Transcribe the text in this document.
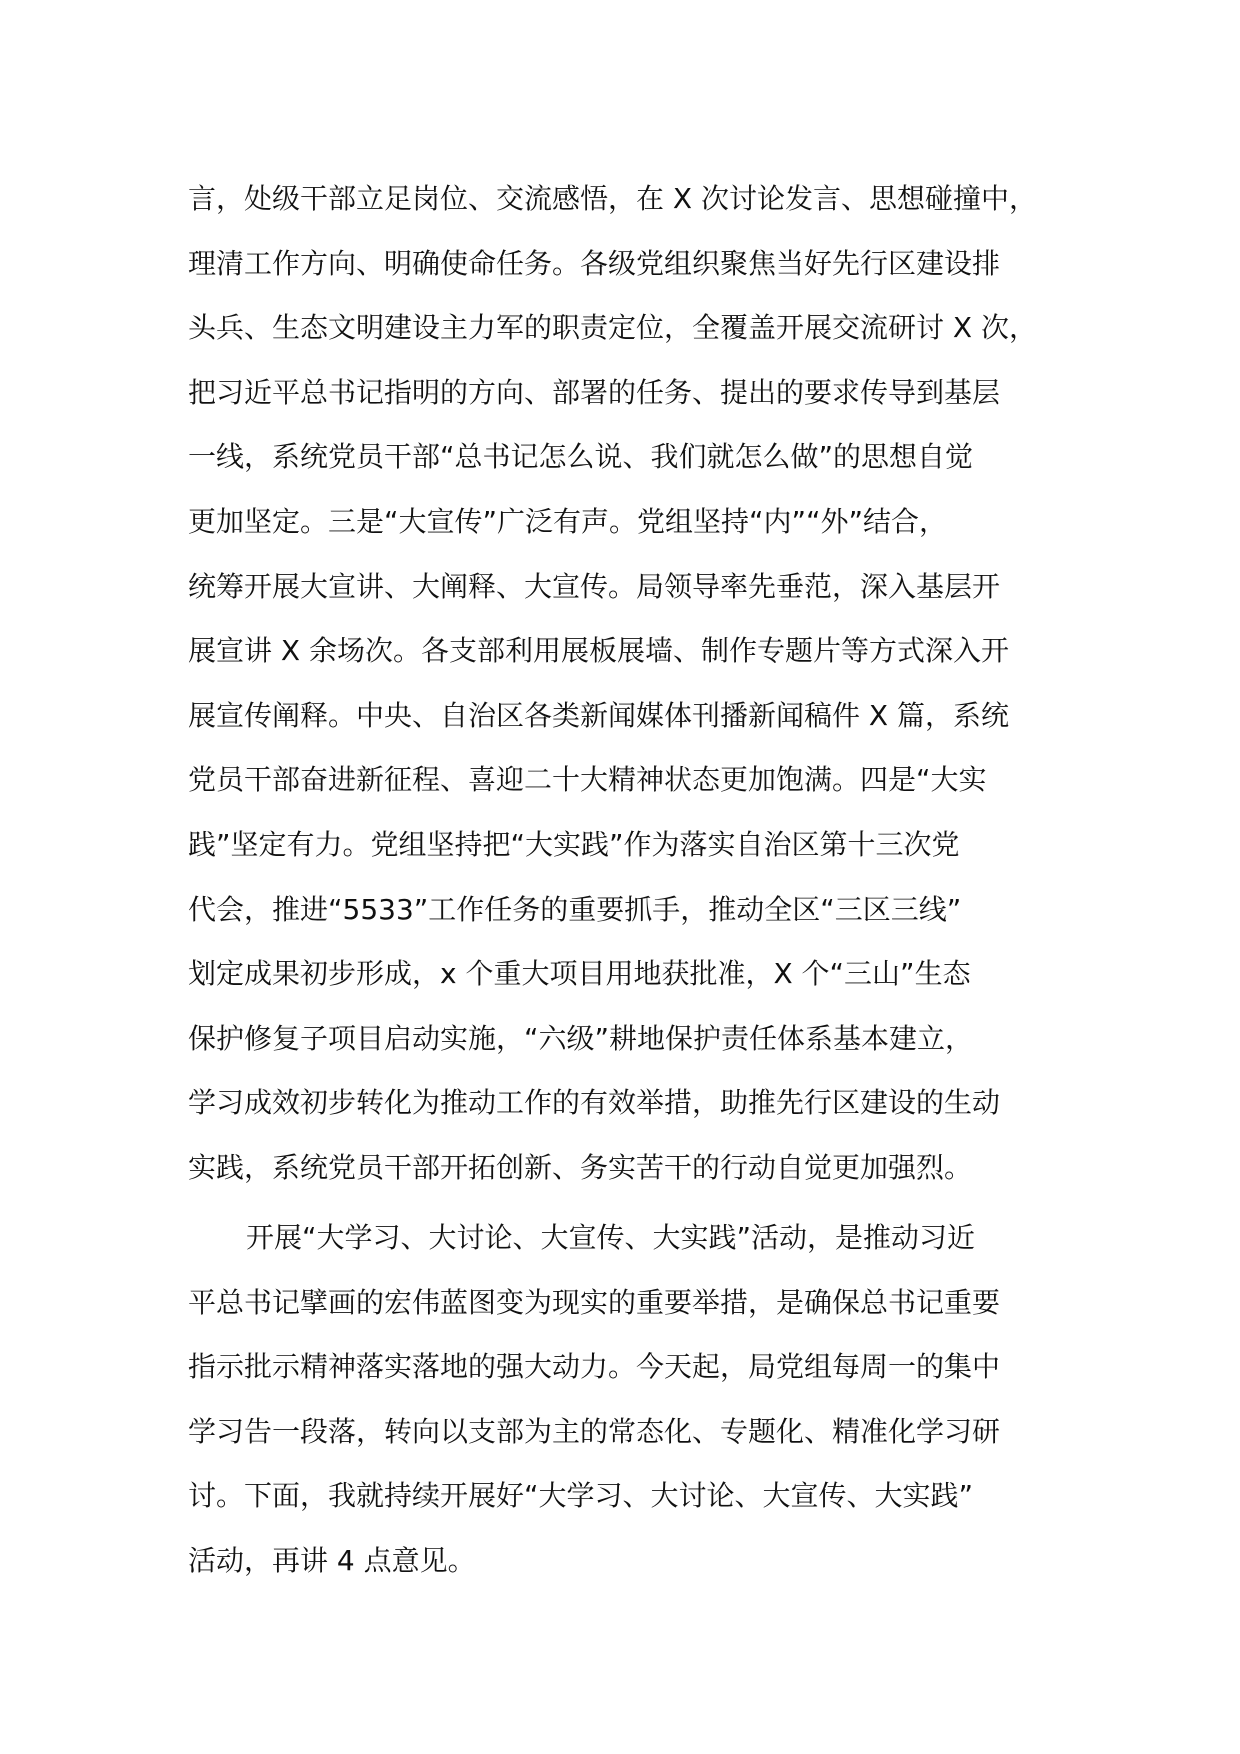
言，处级干部立足岗位、交流感悟，在 X 次讨论发言、思想碰撞中，
理清工作方向、明确使命任务。各级党组织聚焦当好先行区建设排
头兵、生态文明建设主力军的职责定位，全覆盖开展交流研讨 X 次，
把习近平总书记指明的方向、部署的任务、提出的要求传导到基层
一线，系统党员干部“总书记怎么说、我们就怎么做”的思想自觉
更加坚定。三是“大宣传”广泛有声。党组坚持“内”“外”结合，
统筹开展大宣讲、大阐释、大宣传。局领导率先垂范，深入基层开
展宣讲 X 余场次。各支部利用展板展墙、制作专题片等方式深入开
展宣传阐释。中央、自治区各类新闻媒体刊播新闻稿件 X 篇，系统
党员干部奋进新征程、喜迎二十大精神状态更加饱满。四是“大实
践”坚定有力。党组坚持把“大实践”作为落实自治区第十三次党
代会，推进“5533”工作任务的重要抓手，推动全区“三区三线”
划定成果初步形成，x 个重大项目用地获批准，X 个“三山”生态
保护修复子项目启动实施，“六级”耕地保护责任体系基本建立，
学习成效初步转化为推动工作的有效举措，助推先行区建设的生动
实践，系统党员干部开拓创新、务实苦干的行动自觉更加强烈。
开展“大学习、大讨论、大宣传、大实践”活动，是推动习近
平总书记擘画的宏伟蓝图变为现实的重要举措，是确保总书记重要
指示批示精神落实落地的强大动力。今天起，局党组每周一的集中
学习告一段落，转向以支部为主的常态化、专题化、精准化学习研
讨。下面，我就持续开展好“大学习、大讨论、大宣传、大实践”
活动，再讲 4 点意见。
